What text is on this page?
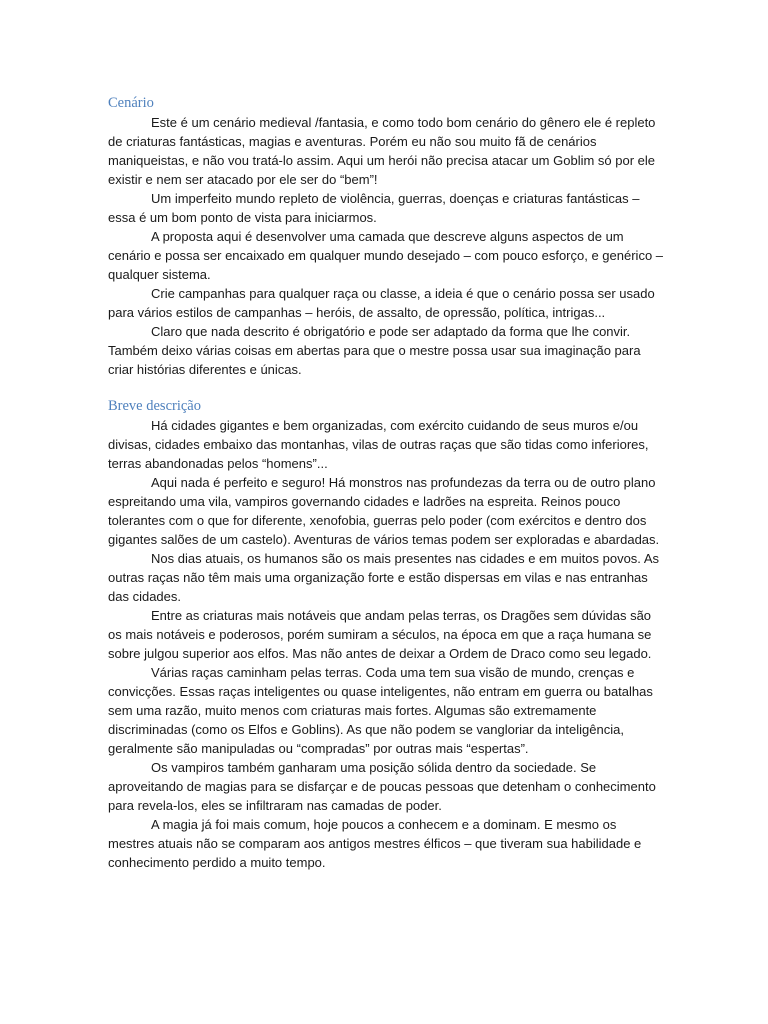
Cenário

Este é um cenário medieval /fantasia, e como todo bom cenário do gênero ele é repleto de criaturas fantásticas, magias e aventuras. Porém eu não sou muito fã de cenários maniqueistas, e não vou tratá-lo assim. Aqui um herói não precisa atacar um Goblim só por ele existir e nem ser atacado por ele ser do “bem”!

Um imperfeito mundo repleto de violência, guerras, doenças e criaturas fantásticas – essa é um bom ponto de vista para iniciarmos.

A proposta aqui é desenvolver uma camada que descreve alguns aspectos de um cenário e possa ser encaixado em qualquer mundo desejado – com pouco esforço, e genérico – qualquer sistema.

Crie campanhas para qualquer raça ou classe, a ideia é que o cenário possa ser usado para vários estilos de campanhas – heróis, de assalto, de opressão, política, intrigas...

Claro que nada descrito é obrigatório e pode ser adaptado da forma que lhe convir. Também deixo várias coisas em abertas para que o mestre possa usar sua imaginação para criar histórias diferentes e únicas.

Breve descrição

Há cidades gigantes e bem organizadas, com exército cuidando de seus muros e/ou divisas, cidades embaixo das montanhas, vilas de outras raças que são tidas como inferiores, terras abandonadas pelos “homens”...

Aqui nada é perfeito e seguro! Há monstros nas profundezas da terra ou de outro plano espreitando uma vila, vampiros governando cidades e ladrões na espreita. Reinos pouco tolerantes com o que for diferente, xenofobia, guerras pelo poder (com exércitos e dentro dos gigantes salões de um castelo). Aventuras de vários temas podem ser exploradas e abardadas.

Nos dias atuais, os humanos são os mais presentes nas cidades e em muitos povos. As outras raças não têm mais uma organização forte e estão dispersas em vilas e nas entranhas das cidades.

Entre as criaturas mais notáveis que andam pelas terras, os Dragões sem dúvidas são os mais notáveis e poderosos, porém sumiram a séculos, na época em que a raça humana se sobre julgou superior aos elfos. Mas não antes de deixar a Ordem de Draco como seu legado.

Várias raças caminham pelas terras. Coda uma tem sua visão de mundo, crenças e convicções. Essas raças inteligentes ou quase inteligentes, não entram em guerra ou batalhas sem uma razão, muito menos com criaturas mais fortes. Algumas são extremamente discriminadas (como os Elfos e Goblins). As que não podem se vangloriar da inteligência, geralmente são manipuladas ou “compradas” por outras mais “espertas”.

Os vampiros também ganharam uma posição sólida dentro da sociedade. Se aproveitando de magias para se disfarçar e de poucas pessoas que detenham o conhecimento para revela-los, eles se infiltraram nas camadas de poder.

A magia já foi mais comum, hoje poucos a conhecem e a dominam. E mesmo os mestres atuais não se comparam aos antigos mestres élficos – que tiveram sua habilidade e conhecimento perdido a muito tempo.
